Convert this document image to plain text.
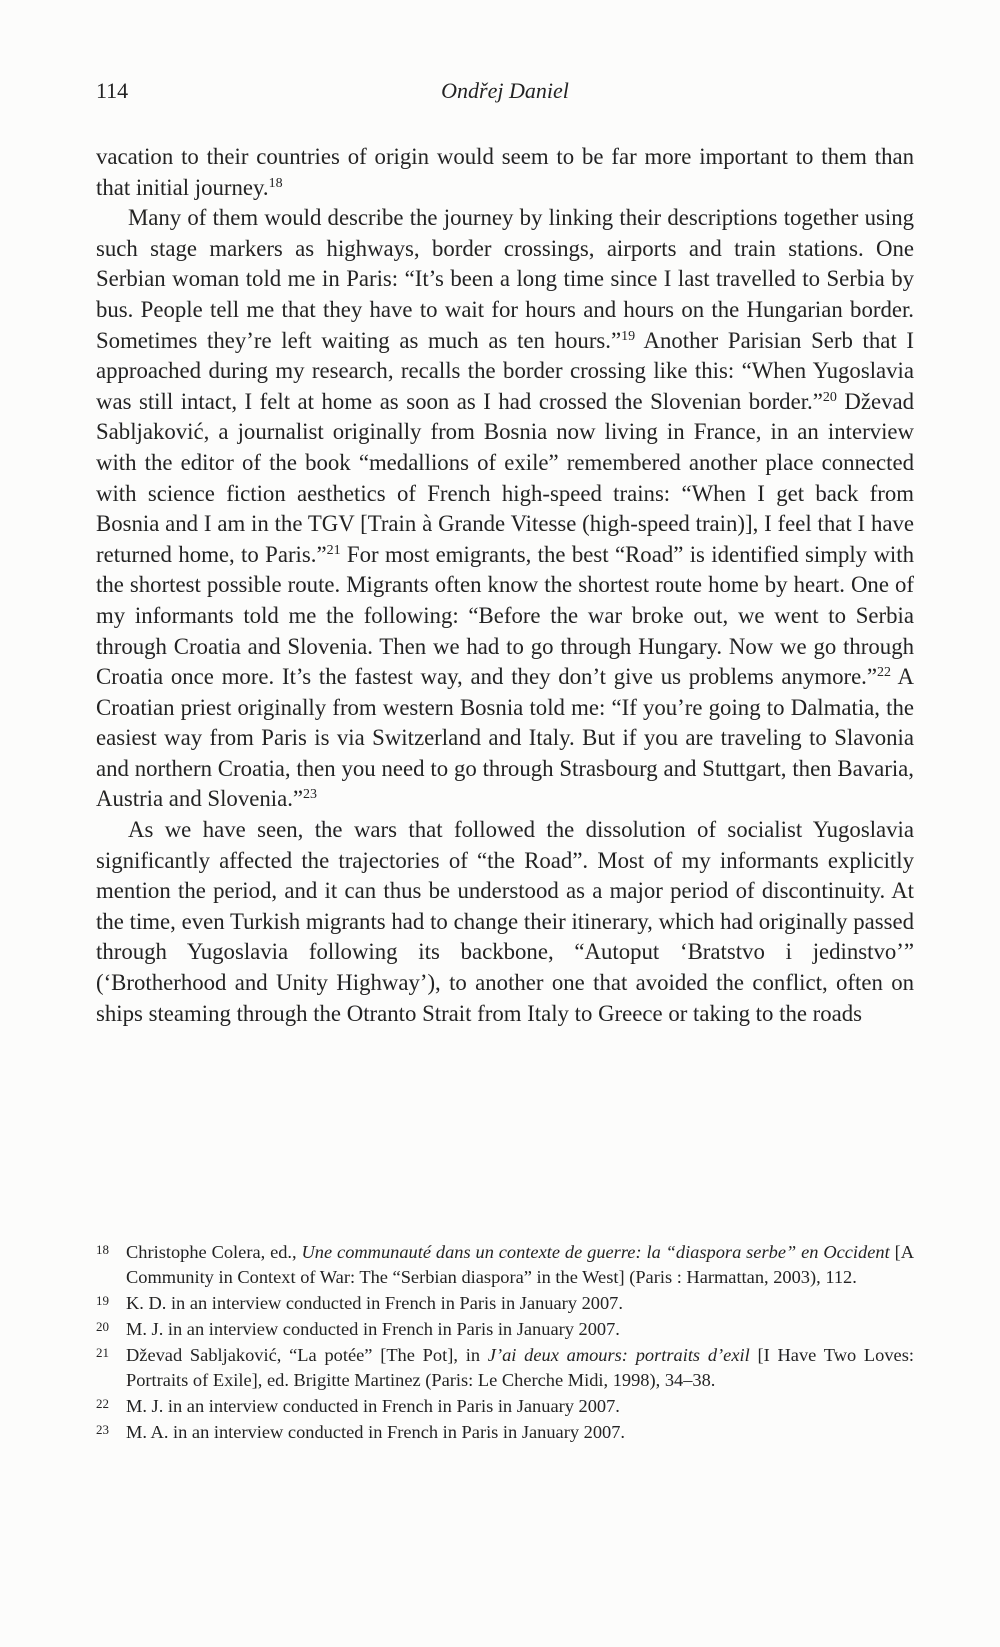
114	Ondřej Daniel

vacation to their countries of origin would seem to be far more important to them than that initial journey.$^{18}$

Many of them would describe the journey by linking their descriptions together using such stage markers as highways, border crossings, airports and train stations. One Serbian woman told me in Paris: “It’s been a long time since I last travelled to Serbia by bus. People tell me that they have to wait for hours and hours on the Hungarian border. Sometimes they’re left waiting as much as ten hours.”$^{19}$ Another Parisian Serb that I approached during my research, recalls the border crossing like this: “When Yugoslavia was still intact, I felt at home as soon as I had crossed the Slovenian border.”$^{20}$ Dževad Sabljaković, a journalist originally from Bosnia now living in France, in an interview with the editor of the book “medallions of exile” remembered another place connected with science fiction aesthetics of French high-speed trains: “When I get back from Bosnia and I am in the TGV [Train à Grande Vitesse (high-speed train)], I feel that I have returned home, to Paris.”$^{21}$ For most emigrants, the best “Road” is identified simply with the shortest possible route. Migrants often know the shortest route home by heart. One of my informants told me the following: “Before the war broke out, we went to Serbia through Croatia and Slovenia. Then we had to go through Hungary. Now we go through Croatia once more. It’s the fastest way, and they don’t give us problems anymore.”$^{22}$ A Croatian priest originally from western Bosnia told me: “If you’re going to Dalmatia, the easiest way from Paris is via Switzerland and Italy. But if you are traveling to Slavonia and northern Croatia, then you need to go through Strasbourg and Stuttgart, then Bavaria, Austria and Slovenia.”$^{23}$

As we have seen, the wars that followed the dissolution of socialist Yugoslavia significantly affected the trajectories of “the Road”. Most of my informants explicitly mention the period, and it can thus be understood as a major period of discontinuity. At the time, even Turkish migrants had to change their itinerary, which had originally passed through Yugoslavia following its backbone, “Autoput ‘Bratstvo i jedinstvo’” (‘Brotherhood and Unity Highway’), to another one that avoided the conflict, often on ships steaming through the Otranto Strait from Italy to Greece or taking to the roads

18 Christophe Colera, ed., Une communauté dans un contexte de guerre: la “diaspora serbe” en Occident [A Community in Context of War: The “Serbian diaspora” in the West] (Paris : Harmattan, 2003), 112.
19 K. D. in an interview conducted in French in Paris in January 2007.
20 M. J. in an interview conducted in French in Paris in January 2007.
21 Dževad Sabljaković, “La potée” [The Pot], in J’ai deux amours: portraits d’exil [I Have Two Loves: Portraits of Exile], ed. Brigitte Martinez (Paris: Le Cherche Midi, 1998), 34–38.
22 M. J. in an interview conducted in French in Paris in January 2007.
23 M. A. in an interview conducted in French in Paris in January 2007.
